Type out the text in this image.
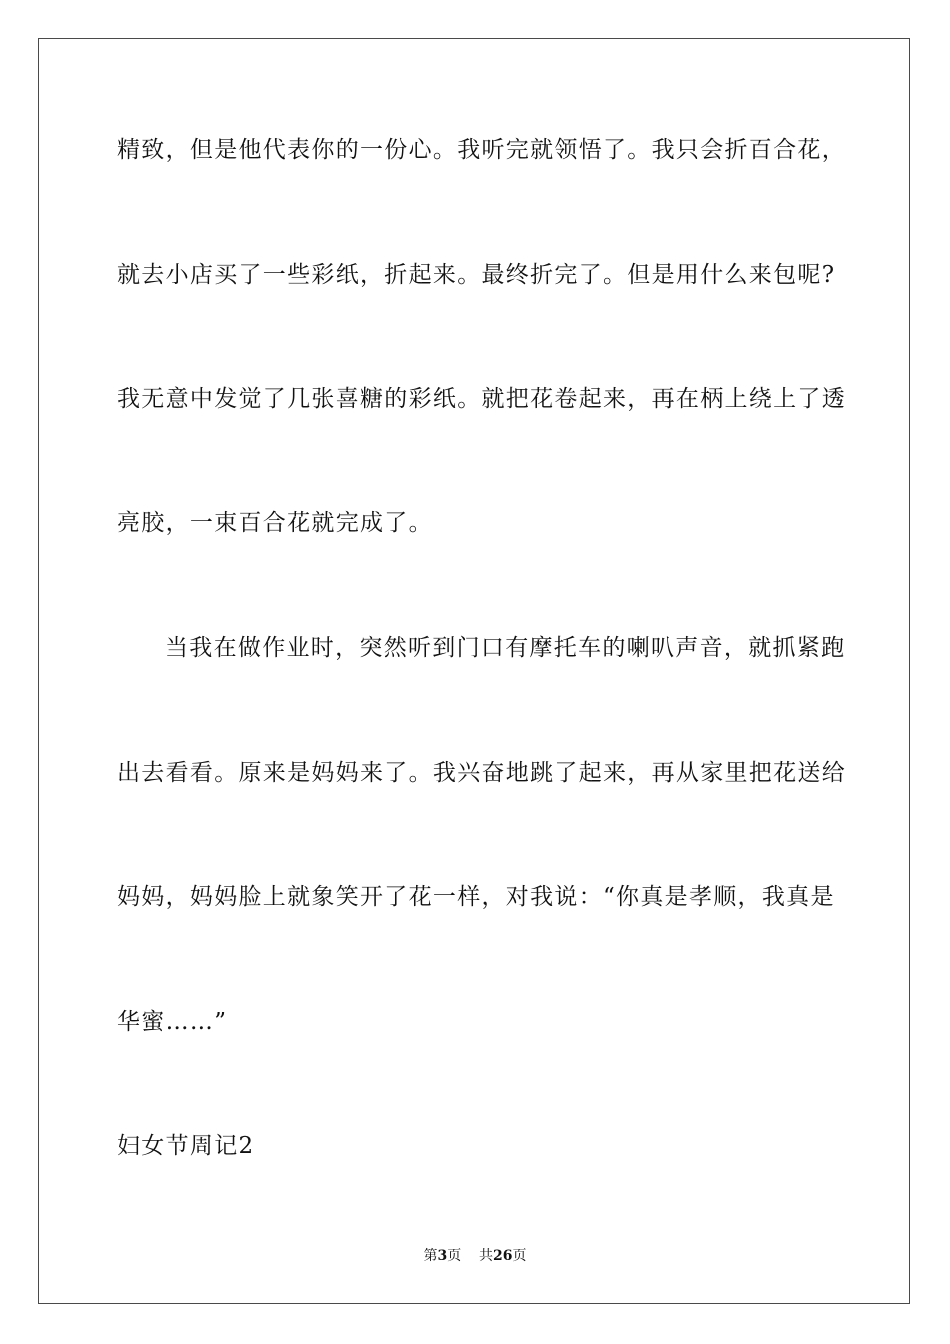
精致，但是他代表你的一份心。我听完就领悟了。我只会折百合花，
就去小店买了一些彩纸，折起来。最终折完了。但是用什么来包呢?
我无意中发觉了几张喜糖的彩纸。就把花卷起来，再在柄上绕上了透
亮胶，一束百合花就完成了。
当我在做作业时，突然听到门口有摩托车的喇叭声音，就抓紧跑
出去看看。原来是妈妈来了。我兴奋地跳了起来，再从家里把花送给
妈妈，妈妈脸上就象笑开了花一样，对我说：“你真是孝顺，我真是
华蜜……”
妇女节周记2
第3页 共26页
